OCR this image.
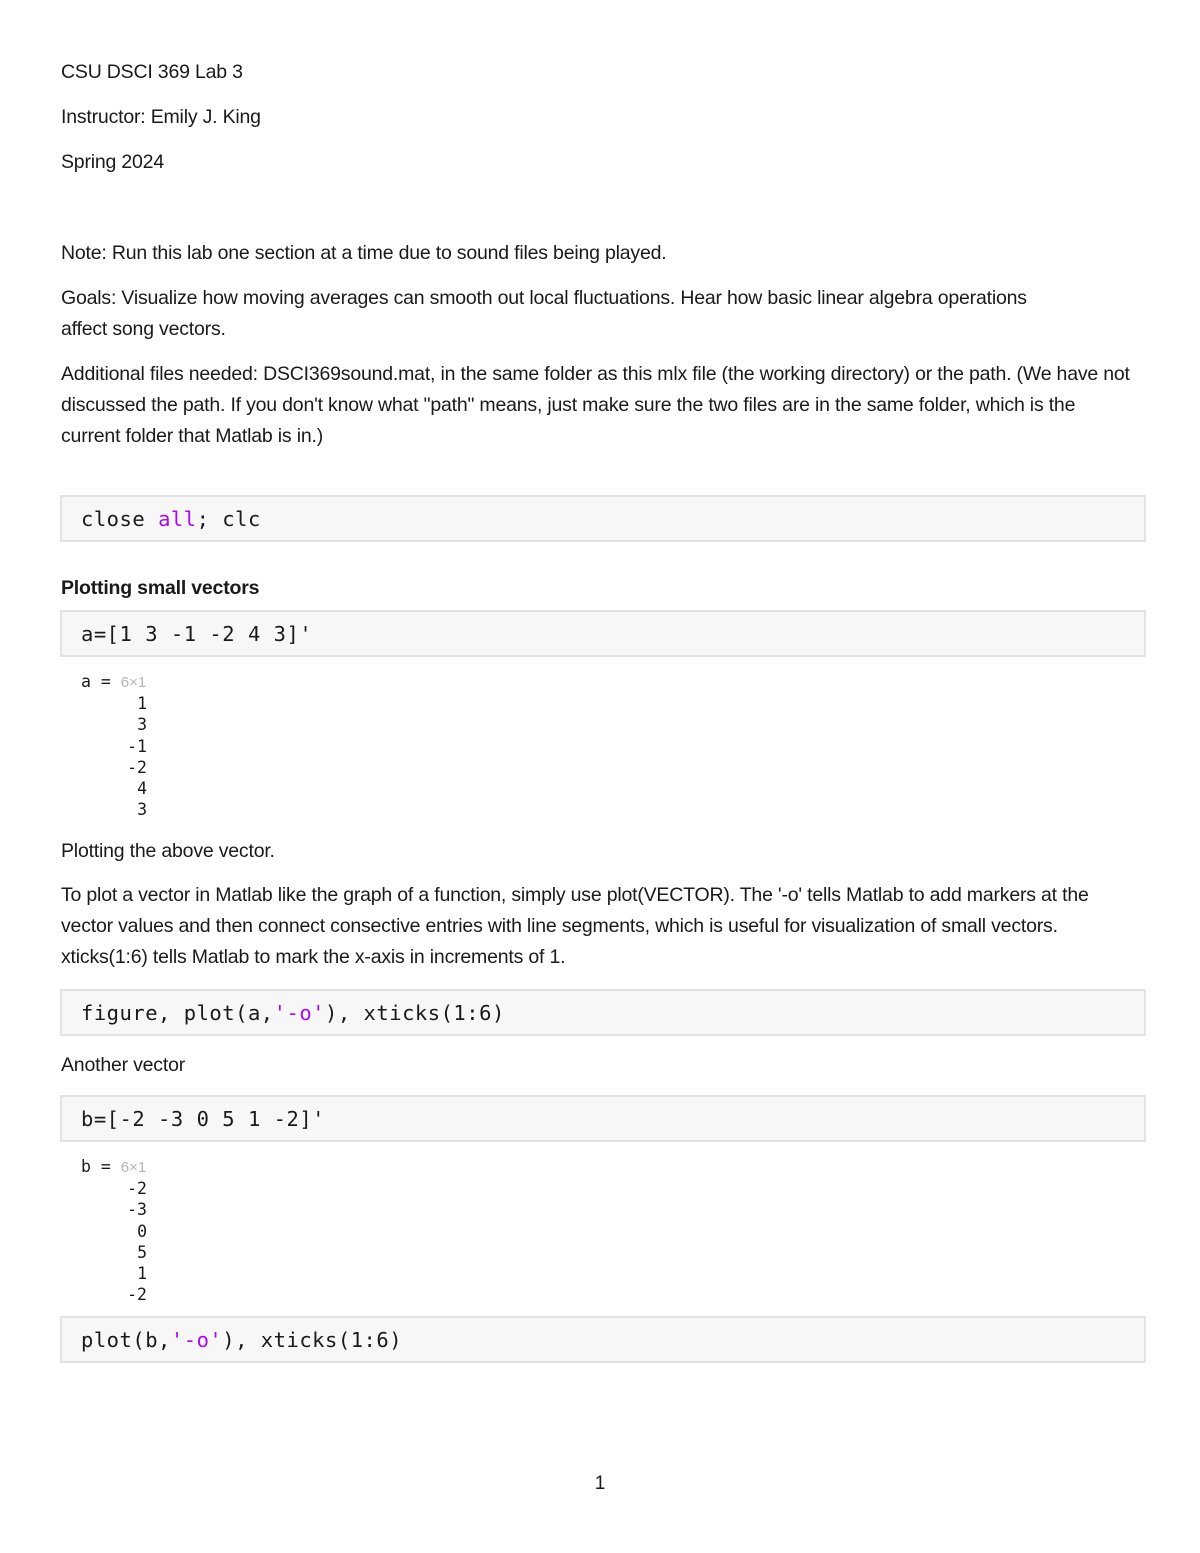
CSU DSCI 369 Lab 3

Instructor: Emily J. King

Spring 2024

Note: Run this lab one section at a time due to sound files being played.

Goals: Visualize how moving averages can smooth out local fluctuations. Hear how basic linear algebra operations affect song vectors.

Additional files needed: DSCI369sound.mat, in the same folder as this mlx file (the working directory) or the path. (We have not discussed the path. If you don't know what "path" means, just make sure the two files are in the same folder, which is the current folder that Matlab is in.)

close all; clc

Plotting small vectors

a=[1 3 -1 -2 4 3]'
a = 6×1
1
3
-1
-2
4
3

Plotting the above vector.

To plot a vector in Matlab like the graph of a function, simply use plot(VECTOR). The '-o' tells Matlab to add markers at the vector values and then connect consective entries with line segments, which is useful for visualization of small vectors. xticks(1:6) tells Matlab to mark the x-axis in increments of 1.

figure, plot(a,'-o'), xticks(1:6)

Another vector

b=[-2 -3 0 5 1 -2]'
b = 6×1
-2
-3
0
5
1
-2
plot(b,'-o'), xticks(1:6)
1
